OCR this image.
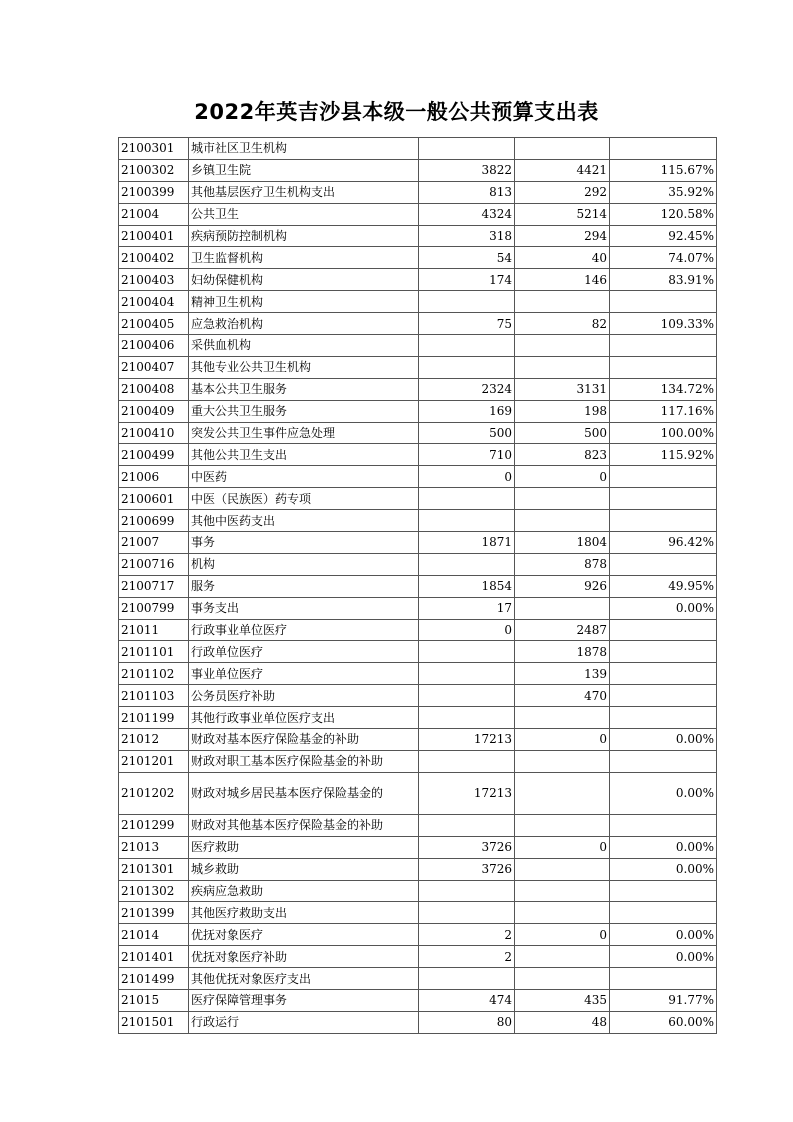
2022年英吉沙县本级一般公共预算支出表
2100301	城市社区卫生机构			
2100302	乡镇卫生院	3822	4421	115.67%
2100399	其他基层医疗卫生机构支出	813	292	35.92%
21004	公共卫生	4324	5214	120.58%
2100401	疾病预防控制机构	318	294	92.45%
2100402	卫生监督机构	54	40	74.07%
2100403	妇幼保健机构	174	146	83.91%
2100404	精神卫生机构			
2100405	应急救治机构	75	82	109.33%
2100406	采供血机构			
2100407	其他专业公共卫生机构			
2100408	基本公共卫生服务	2324	3131	134.72%
2100409	重大公共卫生服务	169	198	117.16%
2100410	突发公共卫生事件应急处理	500	500	100.00%
2100499	其他公共卫生支出	710	823	115.92%
21006	中医药	0	0	
2100601	中医（民族医）药专项			
2100699	其他中医药支出			
21007	事务	1871	1804	96.42%
2100716	机构		878	
2100717	服务	1854	926	49.95%
2100799	事务支出	17		0.00%
21011	行政事业单位医疗	0	2487	
2101101	行政单位医疗		1878	
2101102	事业单位医疗		139	
2101103	公务员医疗补助		470	
2101199	其他行政事业单位医疗支出			
21012	财政对基本医疗保险基金的补助	17213	0	0.00%
2101201	财政对职工基本医疗保险基金的补助			
2101202	财政对城乡居民基本医疗保险基金的	17213		0.00%
2101299	财政对其他基本医疗保险基金的补助			
21013	医疗救助	3726	0	0.00%
2101301	城乡救助	3726		0.00%
2101302	疾病应急救助			
2101399	其他医疗救助支出			
21014	优抚对象医疗	2	0	0.00%
2101401	优抚对象医疗补助	2		0.00%
2101499	其他优抚对象医疗支出			
21015	医疗保障管理事务	474	435	91.77%
2101501	行政运行	80	48	60.00%
